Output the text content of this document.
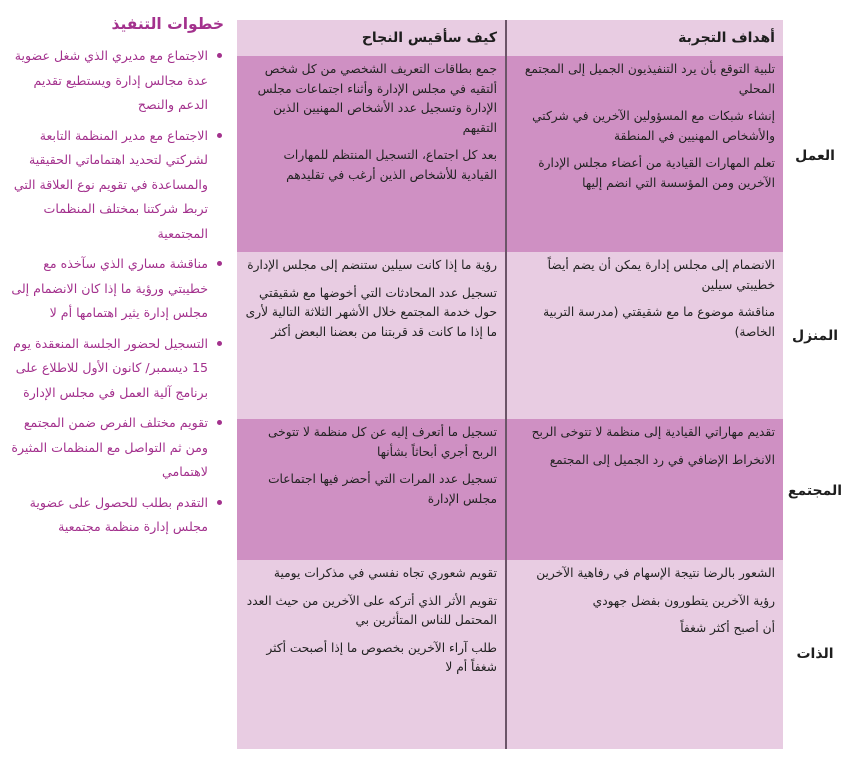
خطوات التنفيذ
الاجتماع مع مديري الذي شغل عضوية عدة مجالس إدارة ويستطيع تقديم الدعم والنصح
الاجتماع مع مدير المنظمة التابعة لشركتي لتحديد اهتماماتي الحقيقية والمساعدة في تقويم نوع العلاقة التي تربط شركتنا بمختلف المنظمات المجتمعية
مناقشة مساري الذي سآخذه مع خطيبتي ورؤية ما إذا كان الانضمام إلى مجلس إدارة يثير اهتمامها أم لا
التسجيل لحضور الجلسة المنعقدة يوم 15 ديسمبر/ كانون الأول للاطلاع على برنامج آلية العمل في مجلس الإدارة
تقويم مختلف الفرص ضمن المجتمع ومن ثم التواصل مع المنظمات المثيرة لاهتمامي
التقدم بطلب للحصول على عضوية مجلس إدارة منظمة مجتمعية
أهداف التجربة
كيف سأقيس النجاح

تلبية التوقع بأن يرد التنفيذيون الجميل إلى المجتمع المحلي

إنشاء شبكات مع المسؤولين الآخرين في شركتي والأشخاص المهنيين في المنطقة

تعلم المهارات القيادية من أعضاء مجلس الإدارة الآخرين ومن المؤسسة التي انضم إليها

جمع بطاقات التعريف الشخصي من كل شخص ألتقيه في مجلس الإدارة وأثناء اجتماعات مجلس الإدارة وتسجيل عدد الأشخاص المهنيين الذين التقيهم

بعد كل اجتماع، التسجيل المنتظم للمهارات القيادية للأشخاص الذين أرغب في تقليدهم

العمل

الانضمام إلى مجلس إدارة يمكن أن يضم أيضاً خطيبتي سيلين

مناقشة موضوع ما مع شقيقتي (مدرسة التربية الخاصة)

رؤية ما إذا كانت سيلين ستنضم إلى مجلس الإدارة

تسجيل عدد المحادثات التي أخوضها مع شقيقتي حول خدمة المجتمع خلال الأشهر الثلاثة التالية لأرى ما إذا ما كانت قد قربتنا من بعضنا البعض أكثر	المنزل

تقديم مهاراتي القيادية إلى منظمة لا تتوخى الربح

الانخراط الإضافي في رد الجميل إلى المجتمع

تسجيل ما أتعرف إليه عن كل منظمة لا تتوخى الربح أجري أبحاثاً بشأنها

تسجيل عدد المرات التي أحضر فيها اجتماعات مجلس الإدارة	المجتمع

الشعور بالرضا نتيجة الإسهام في رفاهية الآخرين

رؤية الآخرين يتطورون بفضل جهودي

أن أصبح أكثر شغفاً

تقويم شعوري تجاه نفسي في مذكرات يومية

تقويم الأثر الذي أتركه على الآخرين من حيث العدد المحتمل للناس المتأثرين بي

طلب آراء الآخرين بخصوص ما إذا أصبحت أكثر شغفاً أم لا

الذات
